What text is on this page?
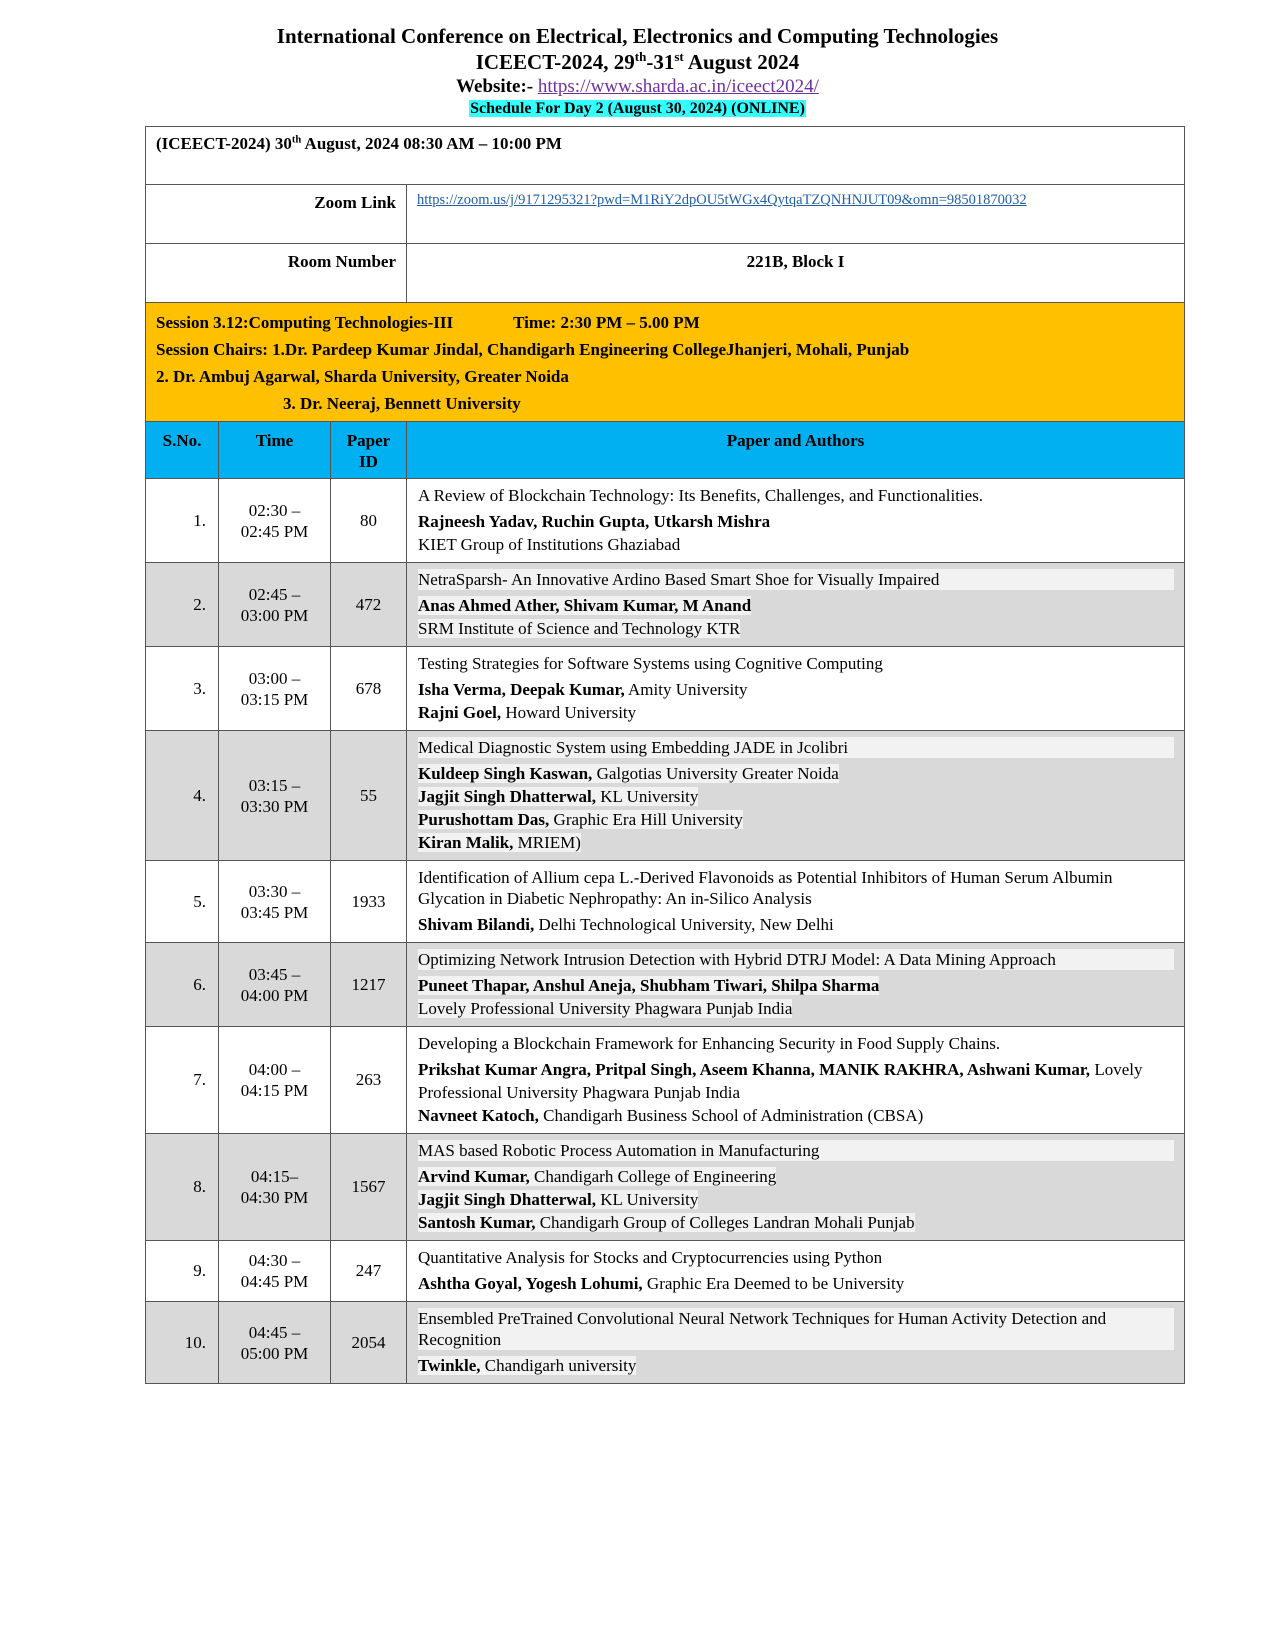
International Conference on Electrical, Electronics and Computing Technologies
ICEECT-2024, 29th-31st August 2024
Website:- https://www.sharda.ac.in/iceect2024/
Schedule For Day 2 (August 30, 2024) (ONLINE)
(ICEECT-2024) 30th August, 2024 08:30 AM – 10:00 PM			
Zoom Link			https://zoom.us/j/9171295321?pwd=M1RiY2dpOU5tWGx4QytqaTZQNHNJUT09&omn=98501870032
Room Number			221B, Block I
Session 3.12:Computing Technologies-III Time: 2:30 PM – 5.00 PM
Session Chairs: 1.Dr. Pardeep Kumar Jindal, Chandigarh Engineering CollegeJhanjeri, Mohali, Punjab
2. Dr. Ambuj Agarwal, Sharda University, Greater Noida
3. Dr. Neeraj, Bennett University			
S.No.	Time	Paper
ID	Paper and Authors
1.	02:30 –
02:45 PM	80	A Review of Blockchain Technology: Its Benefits, Challenges, and Functionalities.
Rajneesh Yadav, Ruchin Gupta, Utkarsh Mishra
KIET Group of Institutions Ghaziabad

2.	02:45 –
03:00 PM	472	NetraSparsh- An Innovative Ardino Based Smart Shoe for Visually Impaired
Anas Ahmed Ather, Shivam Kumar, M Anand
SRM Institute of Science and Technology KTR

3.	03:00 –
03:15 PM	678	Testing Strategies for Software Systems using Cognitive Computing
Isha Verma, Deepak Kumar, Amity University
Rajni Goel, Howard University

4.	03:15 –
03:30 PM	55	Medical Diagnostic System using Embedding JADE in Jcolibri
Kuldeep Singh Kaswan, Galgotias University Greater Noida
Jagjit Singh Dhatterwal, KL University
Purushottam Das, Graphic Era Hill University
Kiran Malik, MRIEM)

5.	03:30 –
03:45 PM	1933	Identification of Allium cepa L.-Derived Flavonoids as Potential Inhibitors of Human Serum Albumin Glycation in Diabetic Nephropathy: An in-Silico Analysis
Shivam Bilandi, Delhi Technological University, New Delhi

6.	03:45 –
04:00 PM	1217	Optimizing Network Intrusion Detection with Hybrid DTRJ Model: A Data Mining Approach
Puneet Thapar, Anshul Aneja, Shubham Tiwari, Shilpa Sharma
Lovely Professional University Phagwara Punjab India

7.	04:00 –
04:15 PM	263	Developing a Blockchain Framework for Enhancing Security in Food Supply Chains.
Prikshat Kumar Angra, Pritpal Singh, Aseem Khanna, MANIK RAKHRA, Ashwani Kumar, Lovely Professional University Phagwara Punjab India
Navneet Katoch, Chandigarh Business School of Administration (CBSA)

8.	04:15–
04:30 PM	1567	MAS based Robotic Process Automation in Manufacturing
Arvind Kumar, Chandigarh College of Engineering
Jagjit Singh Dhatterwal, KL University
Santosh Kumar, Chandigarh Group of Colleges Landran Mohali Punjab

9.	04:30 –
04:45 PM	247	Quantitative Analysis for Stocks and Cryptocurrencies using Python
Ashtha Goyal, Yogesh Lohumi, Graphic Era Deemed to be University

10.	04:45 –
05:00 PM	2054	Ensembled PreTrained Convolutional Neural Network Techniques for Human Activity Detection and Recognition
Twinkle, Chandigarh university
